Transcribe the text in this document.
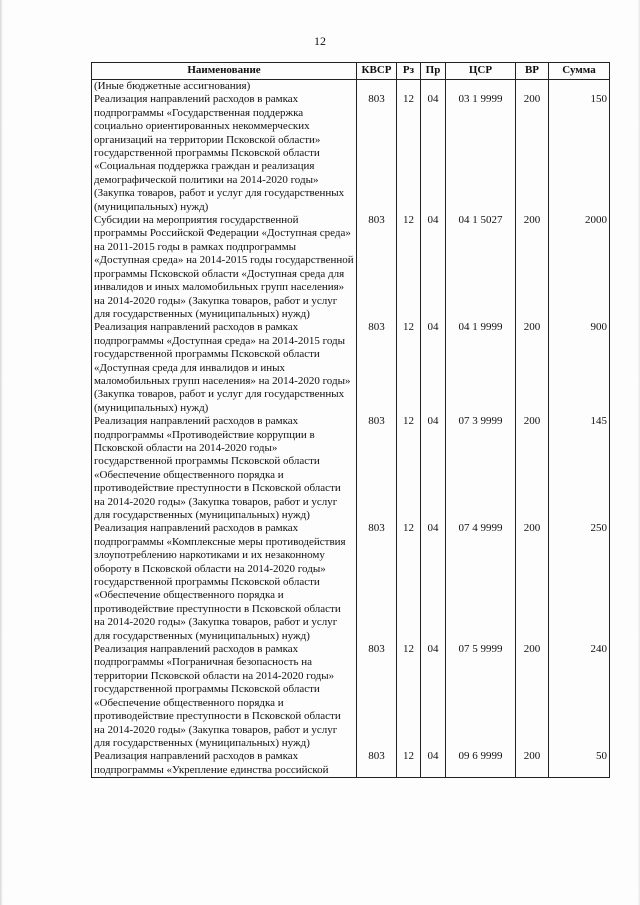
12
Наименование	КВСР	Рз	Пр	ЦСР	ВР	Сумма
(Иные бюджетные ассигнования)						
Реализация направлений расходов в рамках подпрограммы «Государственная поддержка социально ориентированных некоммерческих организаций на территории Псковской области» государственной программы Псковской области «Социальная поддержка граждан и реализация демографической политики на 2014-2020 годы» (Закупка товаров, работ и услуг для государственных (муниципальных) нужд)	803	12	04	03 1 9999	200	150
Субсидии на мероприятия государственной программы Российской Федерации «Доступная среда» на 2011-2015 годы в рамках подпрограммы «Доступная среда» на 2014-2015 годы государственной программы Псковской области «Доступная среда для инвалидов и иных маломобильных групп населения» на 2014-2020 годы» (Закупка товаров, работ и услуг для государственных (муниципальных) нужд)	803	12	04	04 1 5027	200	2000
Реализация направлений расходов в рамках подпрограммы «Доступная среда» на 2014-2015 годы государственной программы Псковской области «Доступная среда для инвалидов и иных маломобильных групп населения» на 2014-2020 годы» (Закупка товаров, работ и услуг для государственных (муниципальных) нужд)	803	12	04	04 1 9999	200	900
Реализация направлений расходов в рамках подпрограммы «Противодействие коррупции в Псковской области на 2014-2020 годы» государственной программы Псковской области «Обеспечение общественного порядка и противодействие преступности в Псковской области на 2014-2020 годы» (Закупка товаров, работ и услуг для государственных (муниципальных) нужд)	803	12	04	07 3 9999	200	145
Реализация направлений расходов в рамках подпрограммы «Комплексные меры противодействия злоупотреблению наркотиками и их незаконному обороту в Псковской области на 2014-2020 годы» государственной программы Псковской области «Обеспечение общественного порядка и противодействие преступности в Псковской области на 2014-2020 годы» (Закупка товаров, работ и услуг для государственных (муниципальных) нужд)	803	12	04	07 4 9999	200	250
Реализация направлений расходов в рамках подпрограммы «Пограничная безопасность на территории Псковской области на 2014-2020 годы» государственной программы Псковской области «Обеспечение общественного порядка и противодействие преступности в Псковской области на 2014-2020 годы» (Закупка товаров, работ и услуг для государственных (муниципальных) нужд)	803	12	04	07 5 9999	200	240
Реализация направлений расходов в рамках подпрограммы «Укрепление единства российской	803	12	04	09 6 9999	200	50
